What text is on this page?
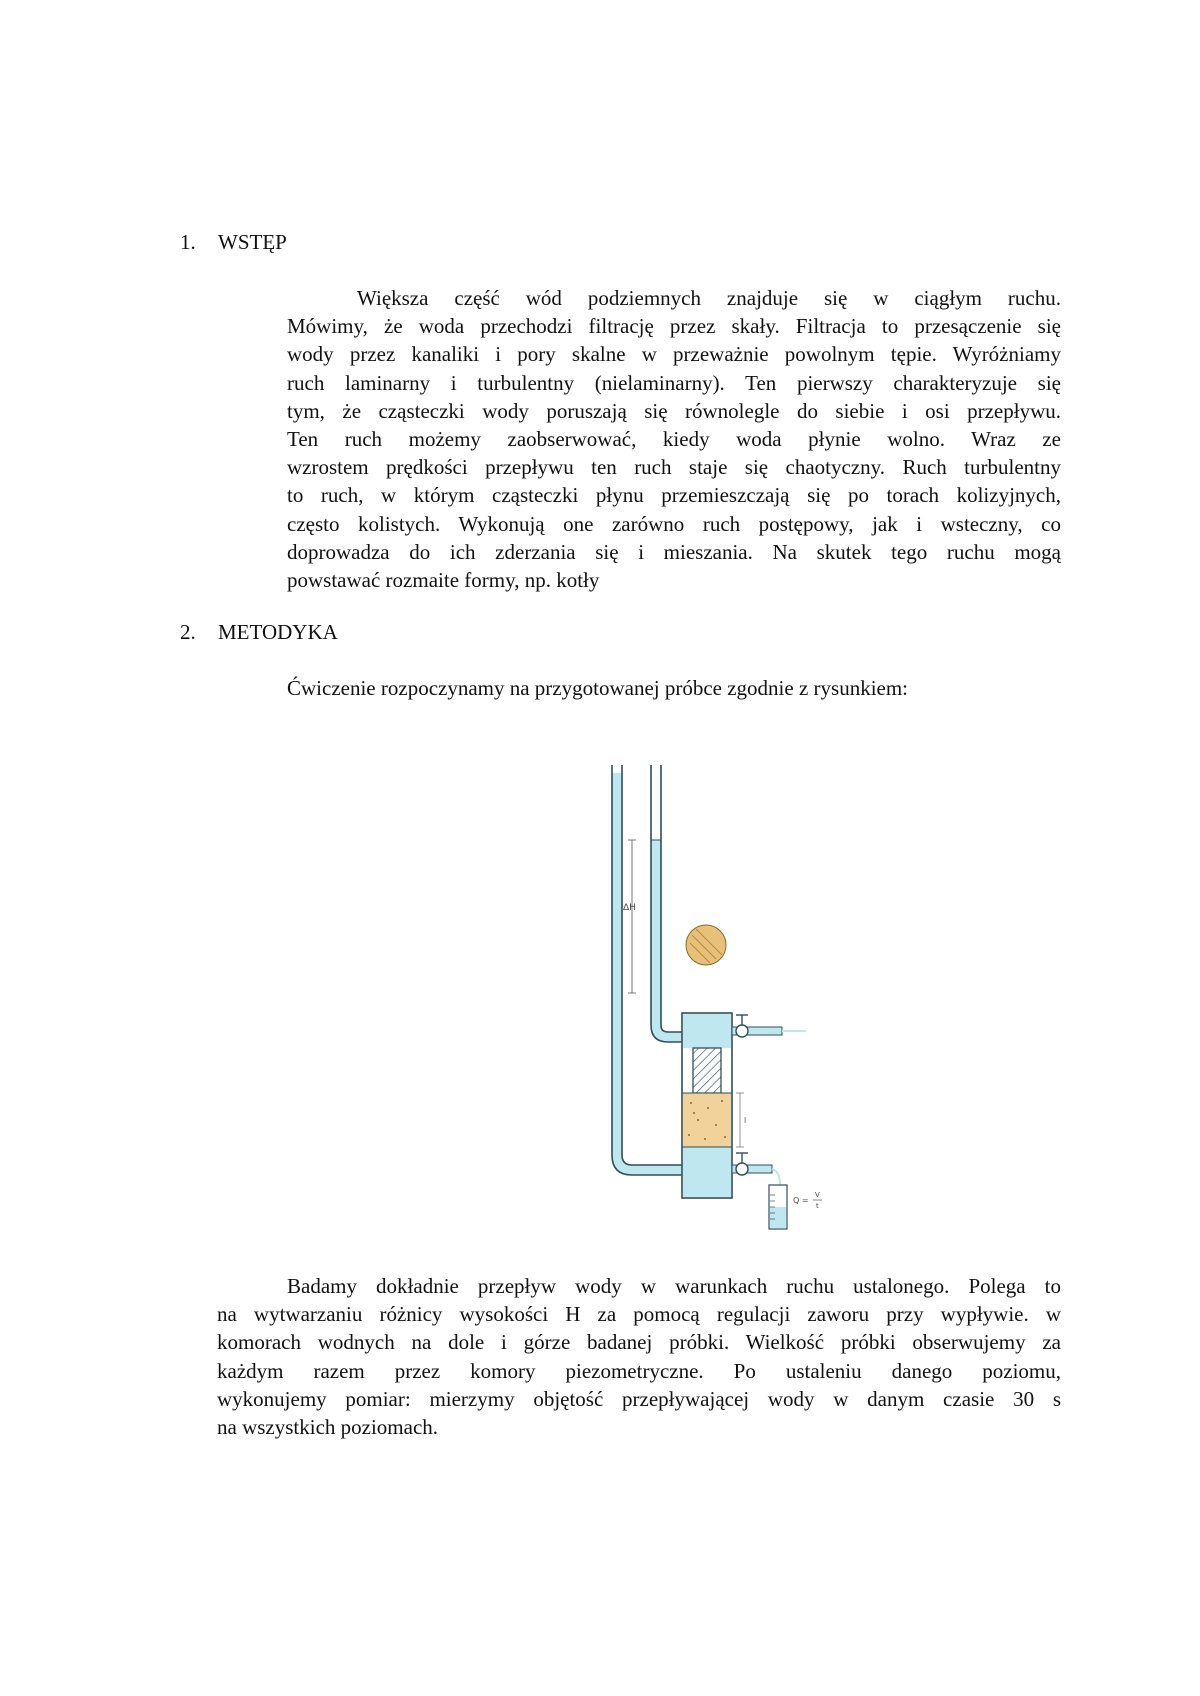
1. WSTĘP
Większa część wód podziemnych znajduje się w ciągłym ruchu.
Mówimy, że woda przechodzi filtrację przez skały. Filtracja to przesączenie się
wody przez kanaliki i pory skalne w przeważnie powolnym tępie. Wyróżniamy
ruch laminarny i turbulentny (nielaminarny). Ten pierwszy charakteryzuje się
tym, że cząsteczki wody poruszają się równolegle do siebie i osi przepływu.
Ten ruch możemy zaobserwować, kiedy woda płynie wolno. Wraz ze
wzrostem prędkości przepływu ten ruch staje się chaotyczny. Ruch turbulentny
to ruch, w którym cząsteczki płynu przemieszczają się po torach kolizyjnych,
często kolistych. Wykonują one zarówno ruch postępowy, jak i wsteczny, co
doprowadza do ich zderzania się i mieszania. Na skutek tego ruchu mogą
powstawać rozmaite formy, np. kotły
2. METODYKA
Ćwiczenie rozpoczynamy na przygotowanej próbce zgodnie z rysunkiem:
ΔH
l
Q =
V
t
Badamy dokładnie przepływ wody w warunkach ruchu ustalonego. Polega to
na wytwarzaniu różnicy wysokości H za pomocą regulacji zaworu przy wypływie. w
komorach wodnych na dole i górze badanej próbki. Wielkość próbki obserwujemy za
każdym razem przez komory piezometryczne. Po ustaleniu danego poziomu,
wykonujemy pomiar: mierzymy objętość przepływającej wody w danym czasie 30 s
na wszystkich poziomach.
